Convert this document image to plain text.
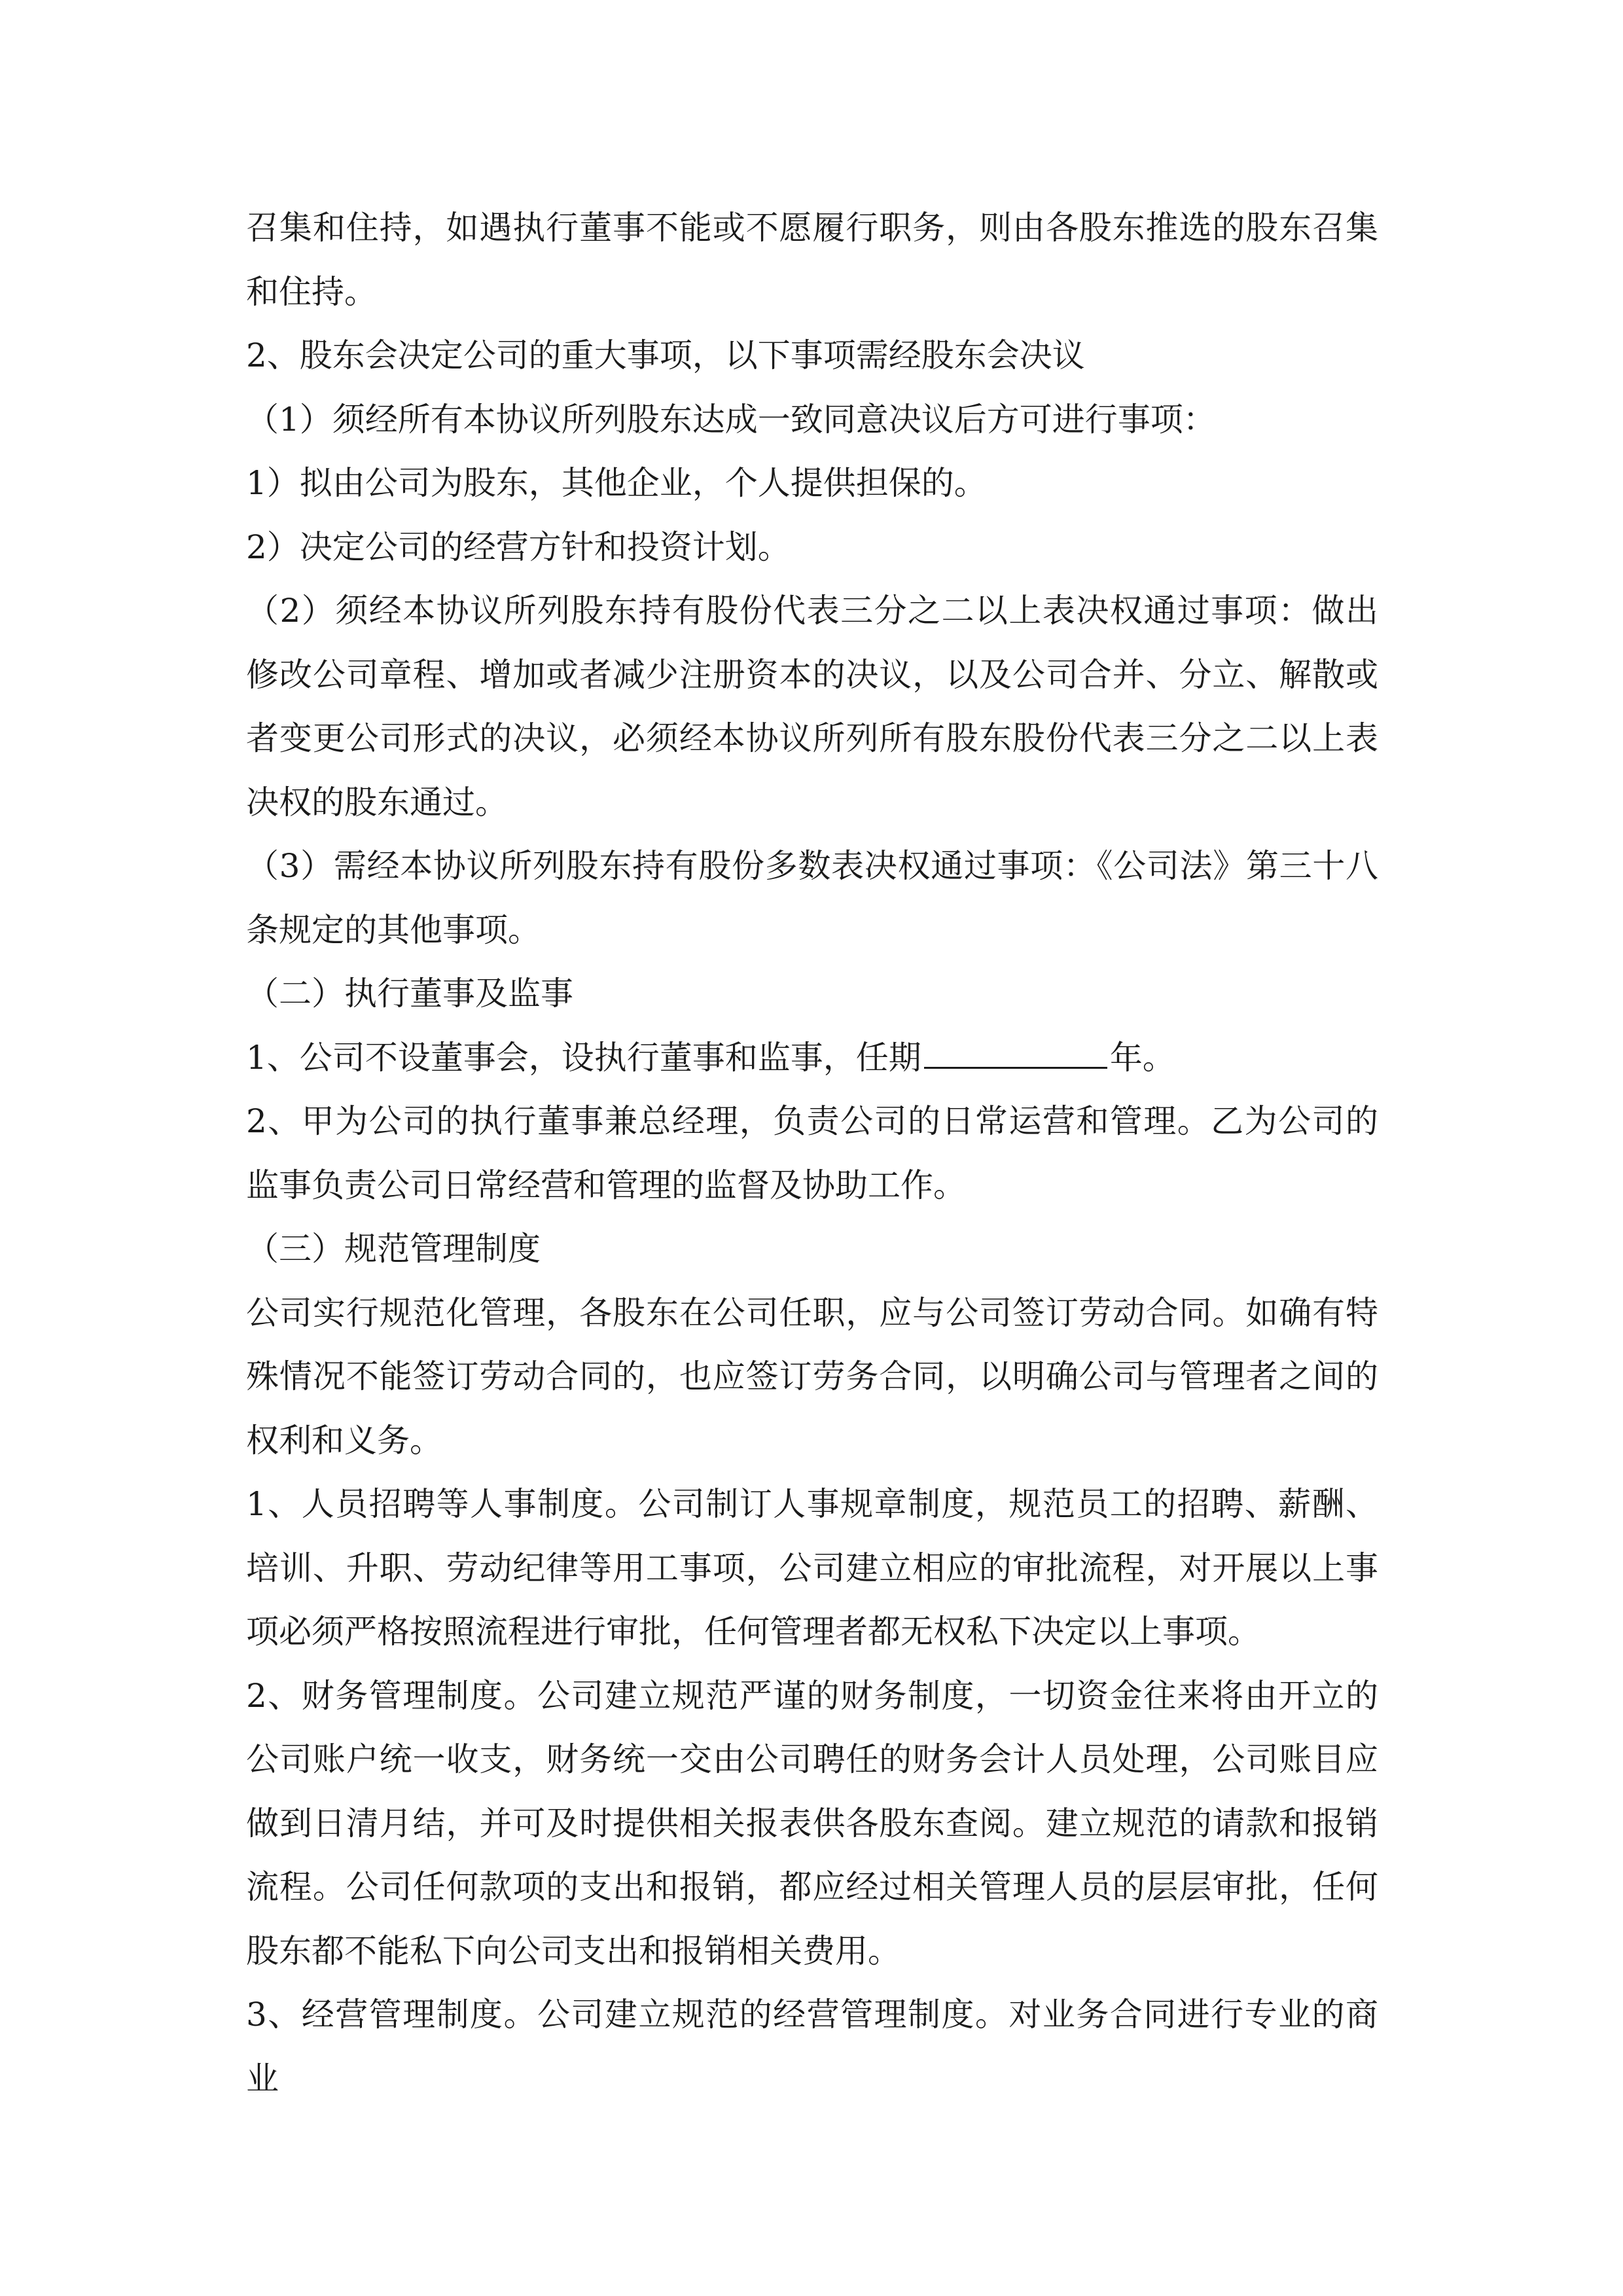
召集和住持，如遇执行董事不能或不愿履行职务，则由各股东推选的股东召集和住持。

2、股东会决定公司的重大事项，以下事项需经股东会决议

（1）须经所有本协议所列股东达成一致同意决议后方可进行事项：

1）拟由公司为股东，其他企业，个人提供担保的。

2）决定公司的经营方针和投资计划。

（2）须经本协议所列股东持有股份代表三分之二以上表决权通过事项：做出修改公司章程、增加或者减少注册资本的决议，以及公司合并、分立、解散或者变更公司形式的决议，必须经本协议所列所有股东股份代表三分之二以上表决权的股东通过。

（3）需经本协议所列股东持有股份多数表决权通过事项：《公司法》第三十八条规定的其他事项。

（二）执行董事及监事

1、公司不设董事会，设执行董事和监事，任期	年。

2、甲为公司的执行董事兼总经理，负责公司的日常运营和管理。乙为公司的监事负责公司日常经营和管理的监督及协助工作。

（三）规范管理制度

公司实行规范化管理，各股东在公司任职，应与公司签订劳动合同。如确有特殊情况不能签订劳动合同的，也应签订劳务合同，以明确公司与管理者之间的权利和义务。

1、人员招聘等人事制度。公司制订人事规章制度，规范员工的招聘、薪酬、培训、升职、劳动纪律等用工事项，公司建立相应的审批流程，对开展以上事项必须严格按照流程进行审批，任何管理者都无权私下决定以上事项。

2、财务管理制度。公司建立规范严谨的财务制度，一切资金往来将由开立的公司账户统一收支，财务统一交由公司聘任的财务会计人员处理，公司账目应做到日清月结，并可及时提供相关报表供各股东查阅。建立规范的请款和报销流程。公司任何款项的支出和报销，都应经过相关管理人员的层层审批，任何股东都不能私下向公司支出和报销相关费用。

3、经营管理制度。公司建立规范的经营管理制度。对业务合同进行专业的商业
